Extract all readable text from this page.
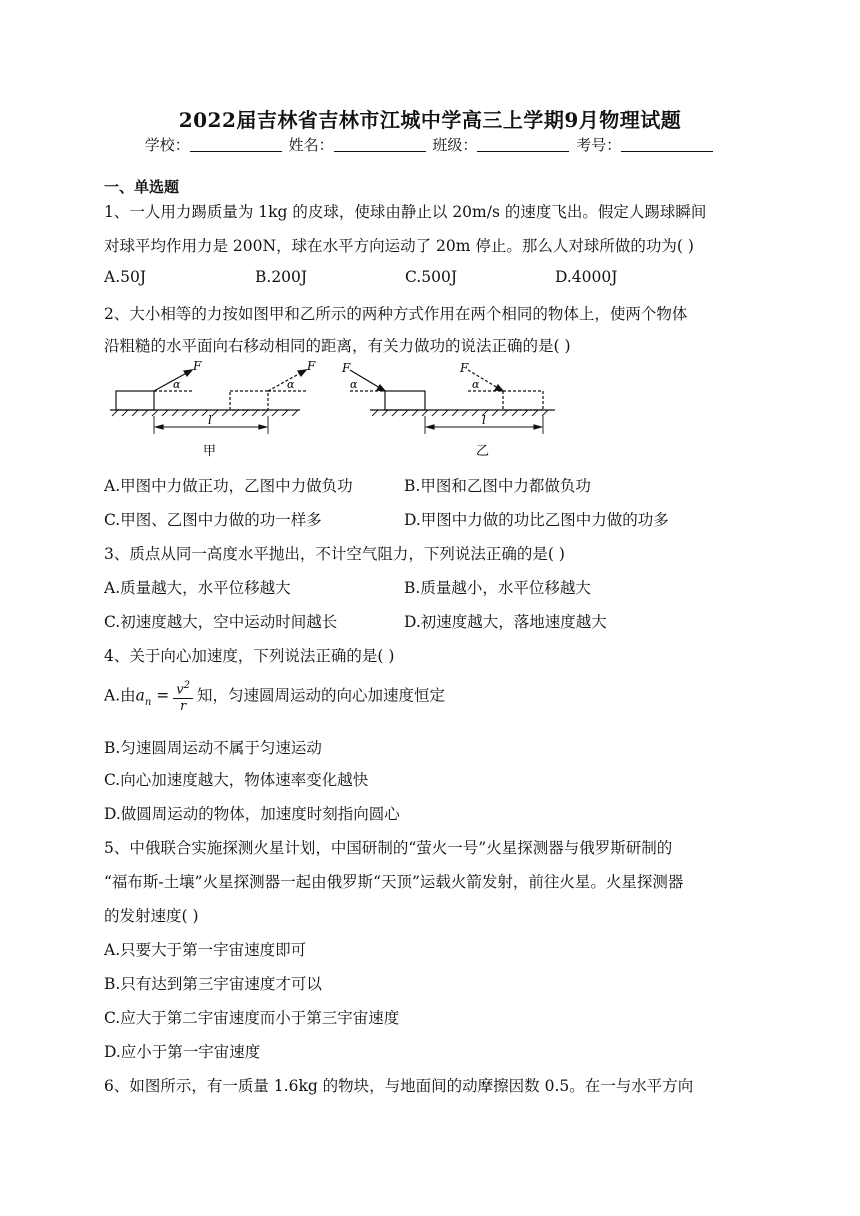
2022届吉林省吉林市江城中学高三上学期9月物理试题
学校：	姓名：	班级：	考号：
一、单选题
1、一人用力踢质量为 1kg 的皮球，使球由静止以 20m/s 的速度飞出。假定人踢球瞬间
对球平均作用力是 200N，球在水平方向运动了 20m 停止。那么人对球所做的功为( )
A.50J	B.200J	C.500J	D.4000J
2、大小相等的力按如图甲和乙所示的两种方式作用在两个相同的物体上，使两个物体
沿粗糙的水平面向右移动相同的距离，有关力做功的说法正确的是( )
F
α
F
α
l
甲
F
α
F
α
l
乙
A.甲图中力做正功，乙图中力做负功	B.甲图和乙图中力都做负功
C.甲图、乙图中力做的功一样多	D.甲图中力做的功比乙图中力做的功多
3、质点从同一高度水平抛出，不计空气阻力，下列说法正确的是( )
A.质量越大，水平位移越大	B.质量越小，水平位移越大
C.初速度越大，空中运动时间越长	D.初速度越大，落地速度越大
4、关于向心加速度，下列说法正确的是( )
A.由$a_n = \frac{v^2}{r}$ 知，匀速圆周运动的向心加速度恒定
B.匀速圆周运动不属于匀速运动
C.向心加速度越大，物体速率变化越快
D.做圆周运动的物体，加速度时刻指向圆心
5、中俄联合实施探测火星计划，中国研制的“萤火一号”火星探测器与俄罗斯研制的
“福布斯-土壤”火星探测器一起由俄罗斯“天顶”运载火箭发射，前往火星。火星探测器
的发射速度( )
A.只要大于第一宇宙速度即可
B.只有达到第三宇宙速度才可以
C.应大于第二宇宙速度而小于第三宇宙速度
D.应小于第一宇宙速度
6、如图所示，有一质量 1.6kg 的物块，与地面间的动摩擦因数 0.5。在一与水平方向
